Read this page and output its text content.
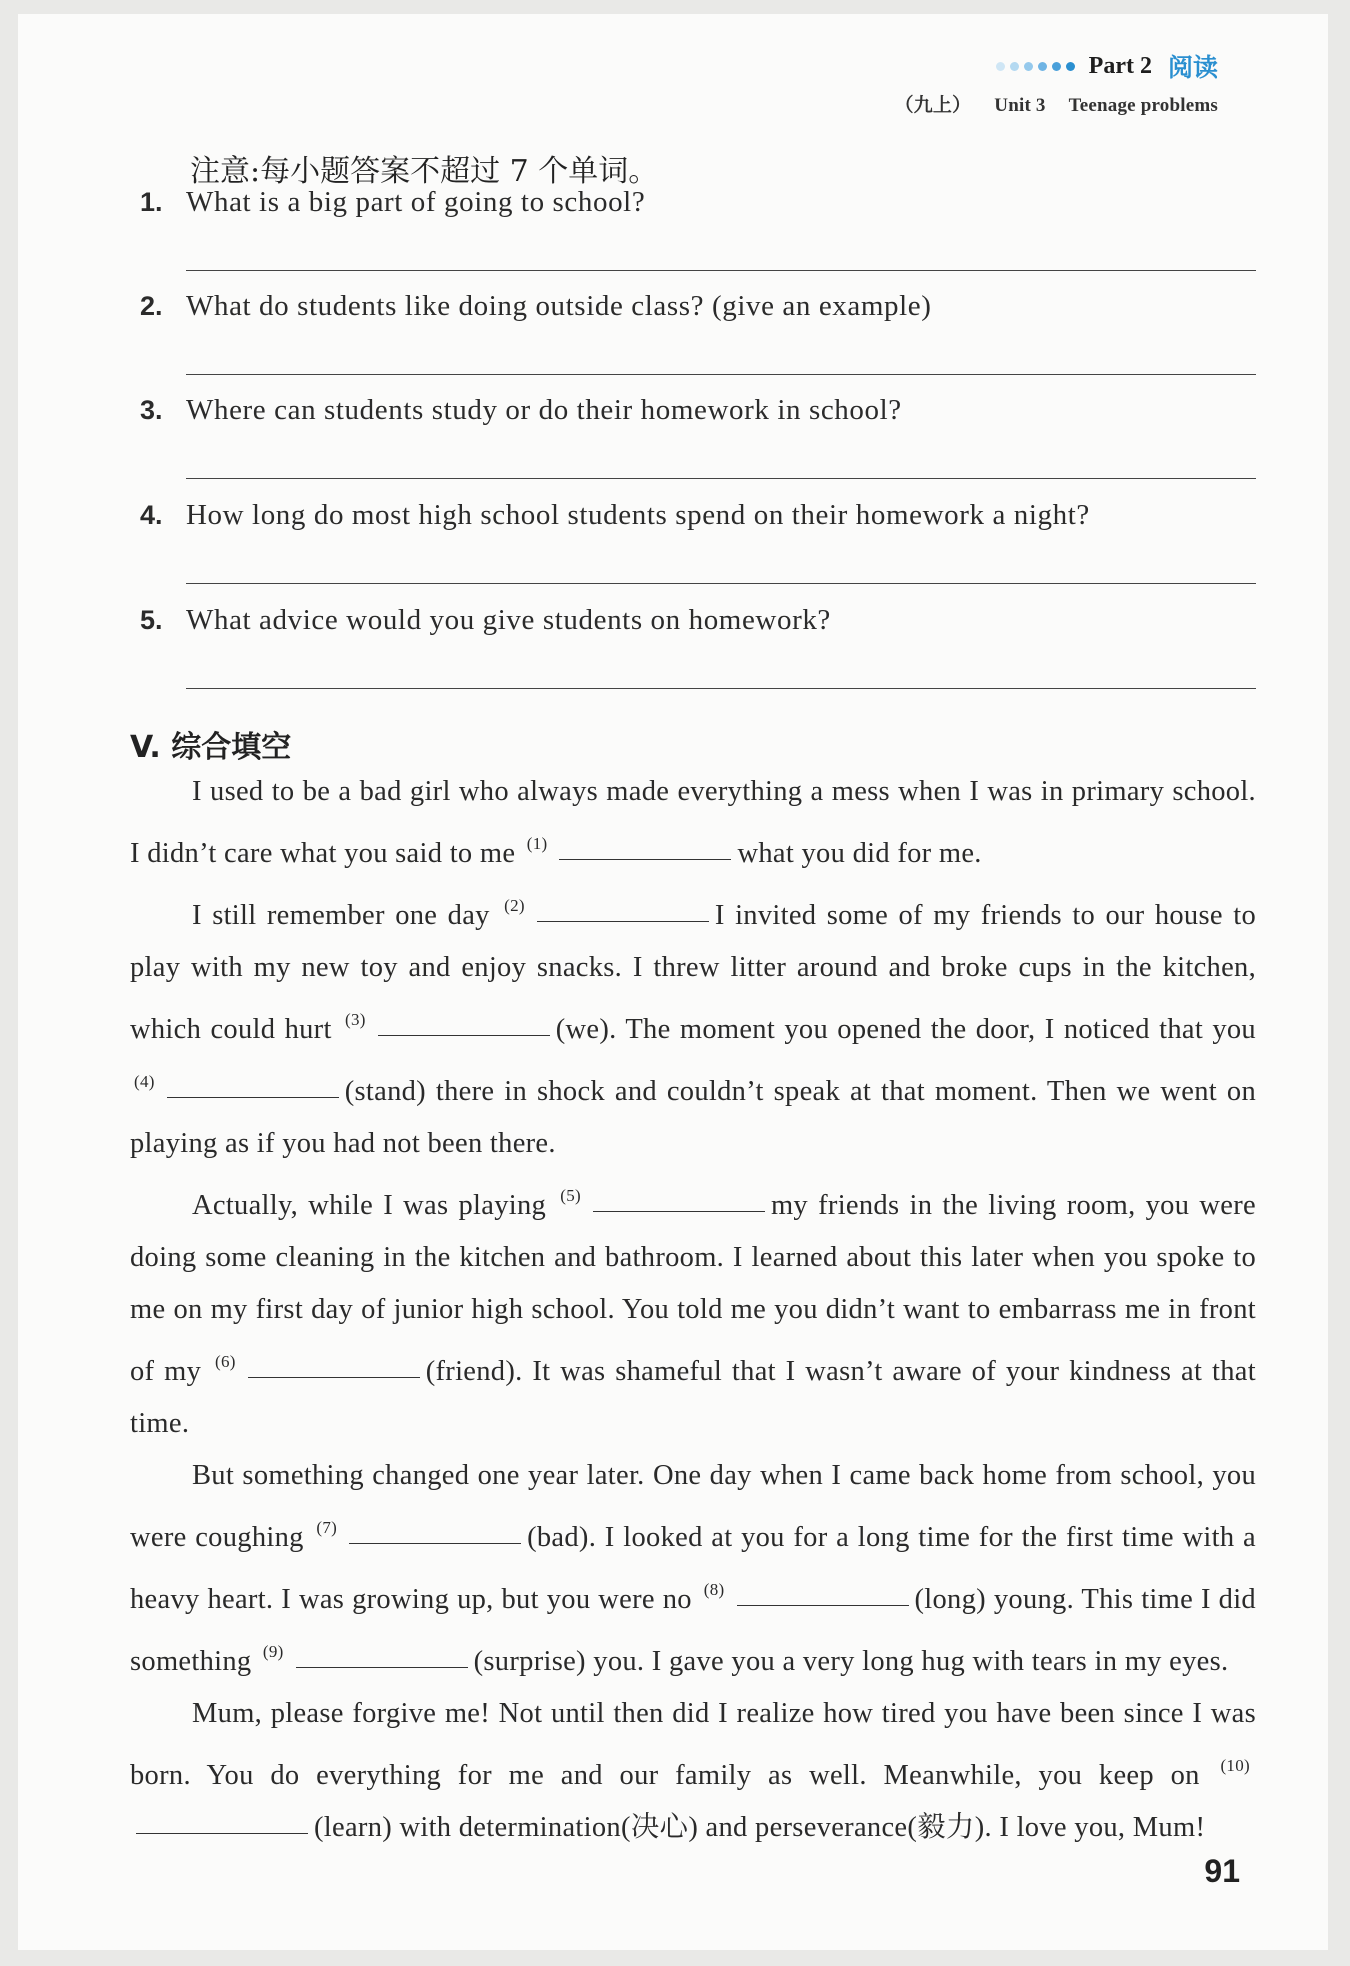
Part 2 阅读
（九上） Unit 3 Teenage problems
注意:每小题答案不超过 7 个单词。
1. What is a big part of going to school?
2. What do students like doing outside class? (give an example)
3. Where can students study or do their homework in school?
4. How long do most high school students spend on their homework a night?
5. What advice would you give students on homework?
V. 综合填空

I used to be a bad girl who always made everything a mess when I was in primary school. I didn’t care what you said to me $^{(1)}$	what you did for me.

I still remember one day $^{(2)}$	I invited some of my friends to our house to play with my new toy and enjoy snacks. I threw litter around and broke cups in the kitchen, which could hurt $^{(3)}$	(we). The moment you opened the door, I noticed that you $^{(4)}$	(stand) there in shock and couldn’t speak at that moment. Then we went on playing as if you had not been there.

Actually, while I was playing $^{(5)}$	my friends in the living room, you were doing some cleaning in the kitchen and bathroom. I learned about this later when you spoke to me on my first day of junior high school. You told me you didn’t want to embarrass me in front of my $^{(6)}$	(friend). It was shameful that I wasn’t aware of your kindness at that time.

But something changed one year later. One day when I came back home from school, you were coughing $^{(7)}$	(bad). I looked at you for a long time for the first time with a heavy heart. I was growing up, but you were no $^{(8)}$	(long) young. This time I did something $^{(9)}$	(surprise) you. I gave you a very long hug with tears in my eyes.

Mum, please forgive me! Not until then did I realize how tired you have been since I was born. You do everything for me and our family as well. Meanwhile, you keep on $^{(10)}$(learn) with determination(决心) and perseverance(毅力). I love you, Mum!

91
